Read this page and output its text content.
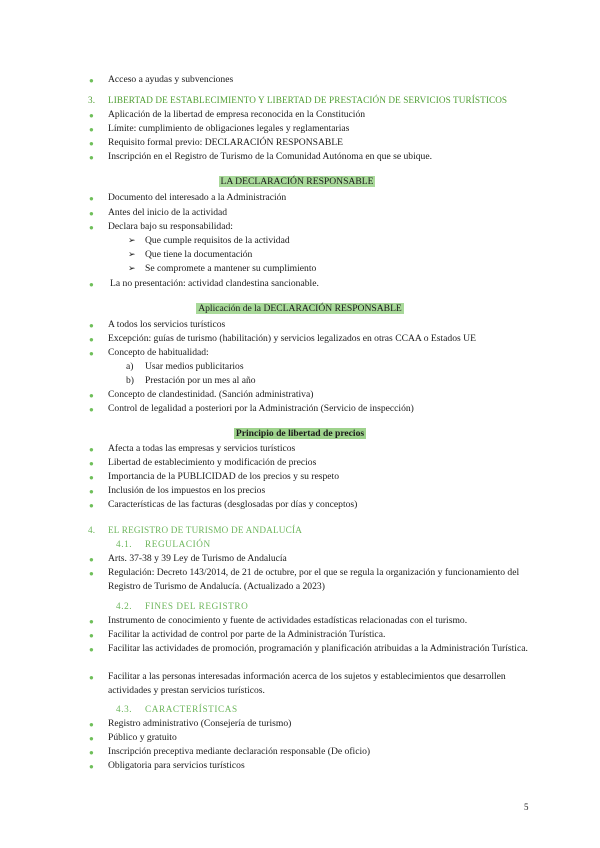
● Acceso a ayudas y subvenciones
3. LIBERTAD DE ESTABLECIMIENTO Y LIBERTAD DE PRESTACIÓN DE SERVICIOS TURÍSTICOS
● Aplicación de la libertad de empresa reconocida en la Constitución
● Límite: cumplimiento de obligaciones legales y reglamentarias
● Requisito formal previo: DECLARACIÓN RESPONSABLE
● Inscripción en el Registro de Turismo de la Comunidad Autónoma en que se ubique.
LA DECLARACIÓN RESPONSABLE
● Documento del interesado a la Administración
● Antes del inicio de la actividad
● Declara bajo su responsabilidad:
➢ Que cumple requisitos de la actividad
➢ Que tiene la documentación
➢ Se compromete a mantener su cumplimiento
● La no presentación: actividad clandestina sancionable.
Aplicación de la DECLARACIÓN RESPONSABLE
● A todos los servicios turísticos
● Excepción: guías de turismo (habilitación) y servicios legalizados en otras CCAA o Estados UE
● Concepto de habitualidad:
a) Usar medios publicitarios
b) Prestación por un mes al año
● Concepto de clandestinidad. (Sanción administrativa)
● Control de legalidad a posteriori por la Administración (Servicio de inspección)
Principio de libertad de precios
● Afecta a todas las empresas y servicios turísticos
● Libertad de establecimiento y modificación de precios
● Importancia de la PUBLICIDAD de los precios y su respeto
● Inclusión de los impuestos en los precios
● Características de las facturas (desglosadas por días y conceptos)
4. EL REGISTRO DE TURISMO DE ANDALUCÍA
4.1. REGULACIÓN
● Arts. 37-38 y 39 Ley de Turismo de Andalucía
● Regulación: Decreto 143/2014, de 21 de octubre, por el que se regula la organización y funcionamiento del Registro de Turismo de Andalucía. (Actualizado a 2023)
4.2. FINES DEL REGISTRO
● Instrumento de conocimiento y fuente de actividades estadísticas relacionadas con el turismo.
● Facilitar la actividad de control por parte de la Administración Turística.
● Facilitar las actividades de promoción, programación y planificación atribuidas a la Administración Turística.
● Facilitar a las personas interesadas información acerca de los sujetos y establecimientos que desarrollen actividades y prestan servicios turísticos.
4.3. CARACTERÍSTICAS
● Registro administrativo (Consejería de turismo)
● Público y gratuito
● Inscripción preceptiva mediante declaración responsable (De oficio)
● Obligatoria para servicios turísticos
5
